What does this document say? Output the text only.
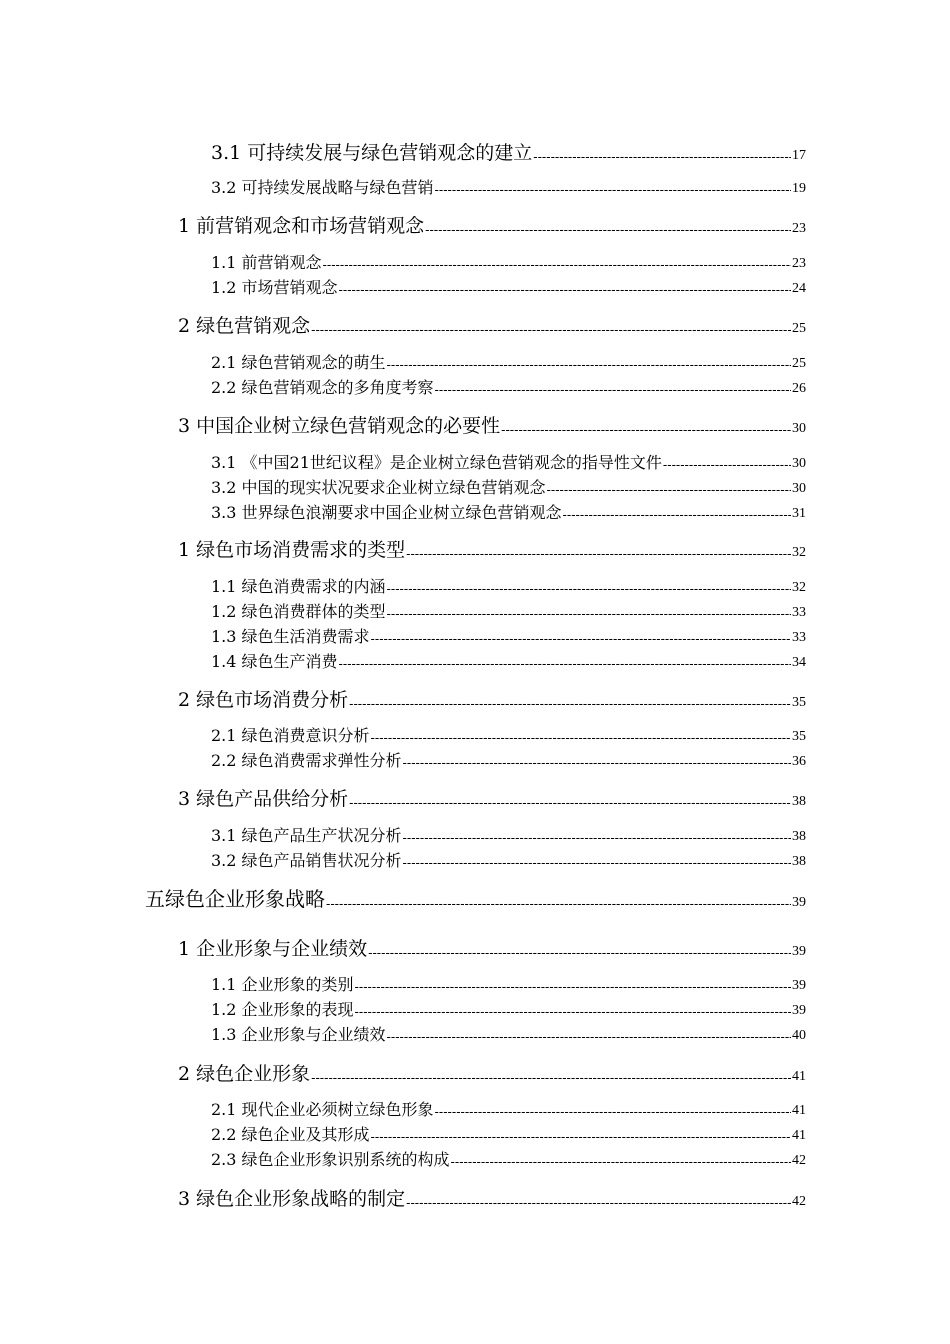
3.1 可持续发展与绿色营销观念的建立 -----	17
3.2 可持续发展战略与绿色营销 -----	19
1 前营销观念和市场营销观念 -----	23
1.1 前营销观念 -----	23
1.2 市场营销观念 -----	24
2 绿色营销观念 -----	25
2.1 绿色营销观念的萌生 -----	25
2.2 绿色营销观念的多角度考察 -----	26
3 中国企业树立绿色营销观念的必要性 -----	30
3.1 《中国21世纪议程》是企业树立绿色营销观念的指导性文件 -----	30
3.2 中国的现实状况要求企业树立绿色营销观念 -----	30
3.3 世界绿色浪潮要求中国企业树立绿色营销观念 -----	31
1 绿色市场消费需求的类型 -----	32
1.1 绿色消费需求的内涵 -----	32
1.2 绿色消费群体的类型 -----	33
1.3 绿色生活消费需求 -----	33
1.4 绿色生产消费 -----	34
2 绿色市场消费分析 -----	35
2.1 绿色消费意识分析 -----	35
2.2 绿色消费需求弹性分析 -----	36
3 绿色产品供给分析 -----	38
3.1 绿色产品生产状况分析 -----	38
3.2 绿色产品销售状况分析 -----	38
五绿色企业形象战略 -----	39
1 企业形象与企业绩效 -----	39
1.1 企业形象的类别 -----	39
1.2 企业形象的表现 -----	39
1.3 企业形象与企业绩效 -----	40
2 绿色企业形象 -----	41
2.1 现代企业必须树立绿色形象 -----	41
2.2 绿色企业及其形成 -----	41
2.3 绿色企业形象识别系统的构成 -----	42
3 绿色企业形象战略的制定 -----	42
